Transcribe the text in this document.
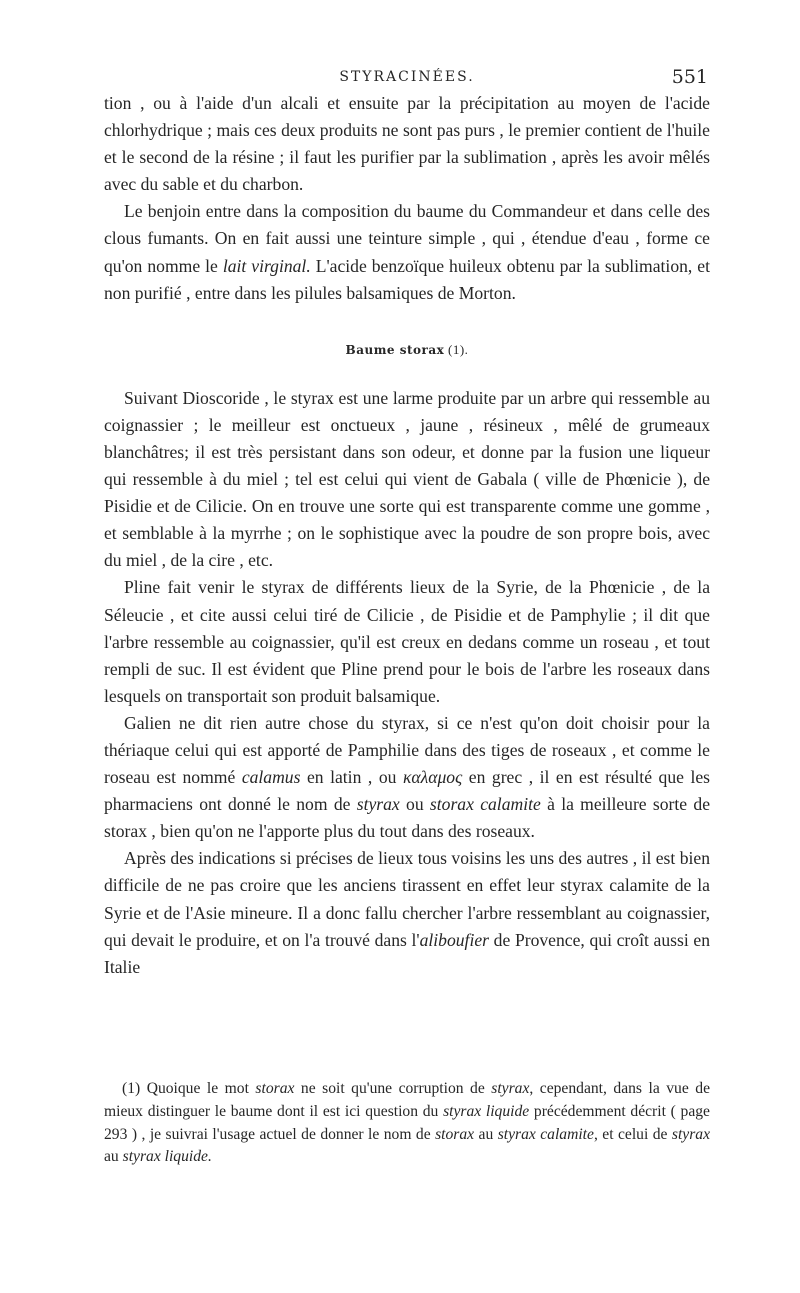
STYRACINÉES.	551

tion , ou à l'aide d'un alcali et ensuite par la précipitation au moyen de l'acide chlorhydrique ; mais ces deux produits ne sont pas purs , le premier contient de l'huile et le second de la résine ; il faut les purifier par la sublimation , après les avoir mêlés avec du sable et du charbon.

Le benjoin entre dans la composition du baume du Commandeur et dans celle des clous fumants. On en fait aussi une teinture simple , qui , étendue d'eau , forme ce qu'on nomme le lait virginal. L'acide benzoïque huileux obtenu par la sublimation, et non purifié , entre dans les pilules balsamiques de Morton.

Baume storax (1).

Suivant Dioscoride , le styrax est une larme produite par un arbre qui ressemble au coignassier ; le meilleur est onctueux , jaune , résineux , mêlé de grumeaux blanchâtres; il est très persistant dans son odeur, et donne par la fusion une liqueur qui ressemble à du miel ; tel est celui qui vient de Gabala ( ville de Phœnicie ), de Pisidie et de Cilicie. On en trouve une sorte qui est transparente comme une gomme , et semblable à la myrrhe ; on le sophistique avec la poudre de son propre bois, avec du miel , de la cire , etc.

Pline fait venir le styrax de différents lieux de la Syrie, de la Phœnicie , de la Séleucie , et cite aussi celui tiré de Cilicie , de Pisidie et de Pamphylie ; il dit que l'arbre ressemble au coignassier, qu'il est creux en dedans comme un roseau , et tout rempli de suc. Il est évident que Pline prend pour le bois de l'arbre les roseaux dans lesquels on transportait son produit balsamique.

Galien ne dit rien autre chose du styrax, si ce n'est qu'on doit choisir pour la thériaque celui qui est apporté de Pamphilie dans des tiges de roseaux , et comme le roseau est nommé calamus en latin , ou καλαμος en grec , il en est résulté que les pharmaciens ont donné le nom de styrax ou storax calamite à la meilleure sorte de storax , bien qu'on ne l'apporte plus du tout dans des roseaux.

Après des indications si précises de lieux tous voisins les uns des autres , il est bien difficile de ne pas croire que les anciens tirassent en effet leur styrax calamite de la Syrie et de l'Asie mineure. Il a donc fallu chercher l'arbre ressemblant au coignassier, qui devait le produire, et on l'a trouvé dans l'aliboufier de Provence, qui croît aussi en Italie

(1) Quoique le mot storax ne soit qu'une corruption de styrax, cependant, dans la vue de mieux distinguer le baume dont il est ici question du styrax liquide précédemment décrit ( page 293 ) , je suivrai l'usage actuel de donner le nom de storax au styrax calamite, et celui de styrax au styrax liquide.
